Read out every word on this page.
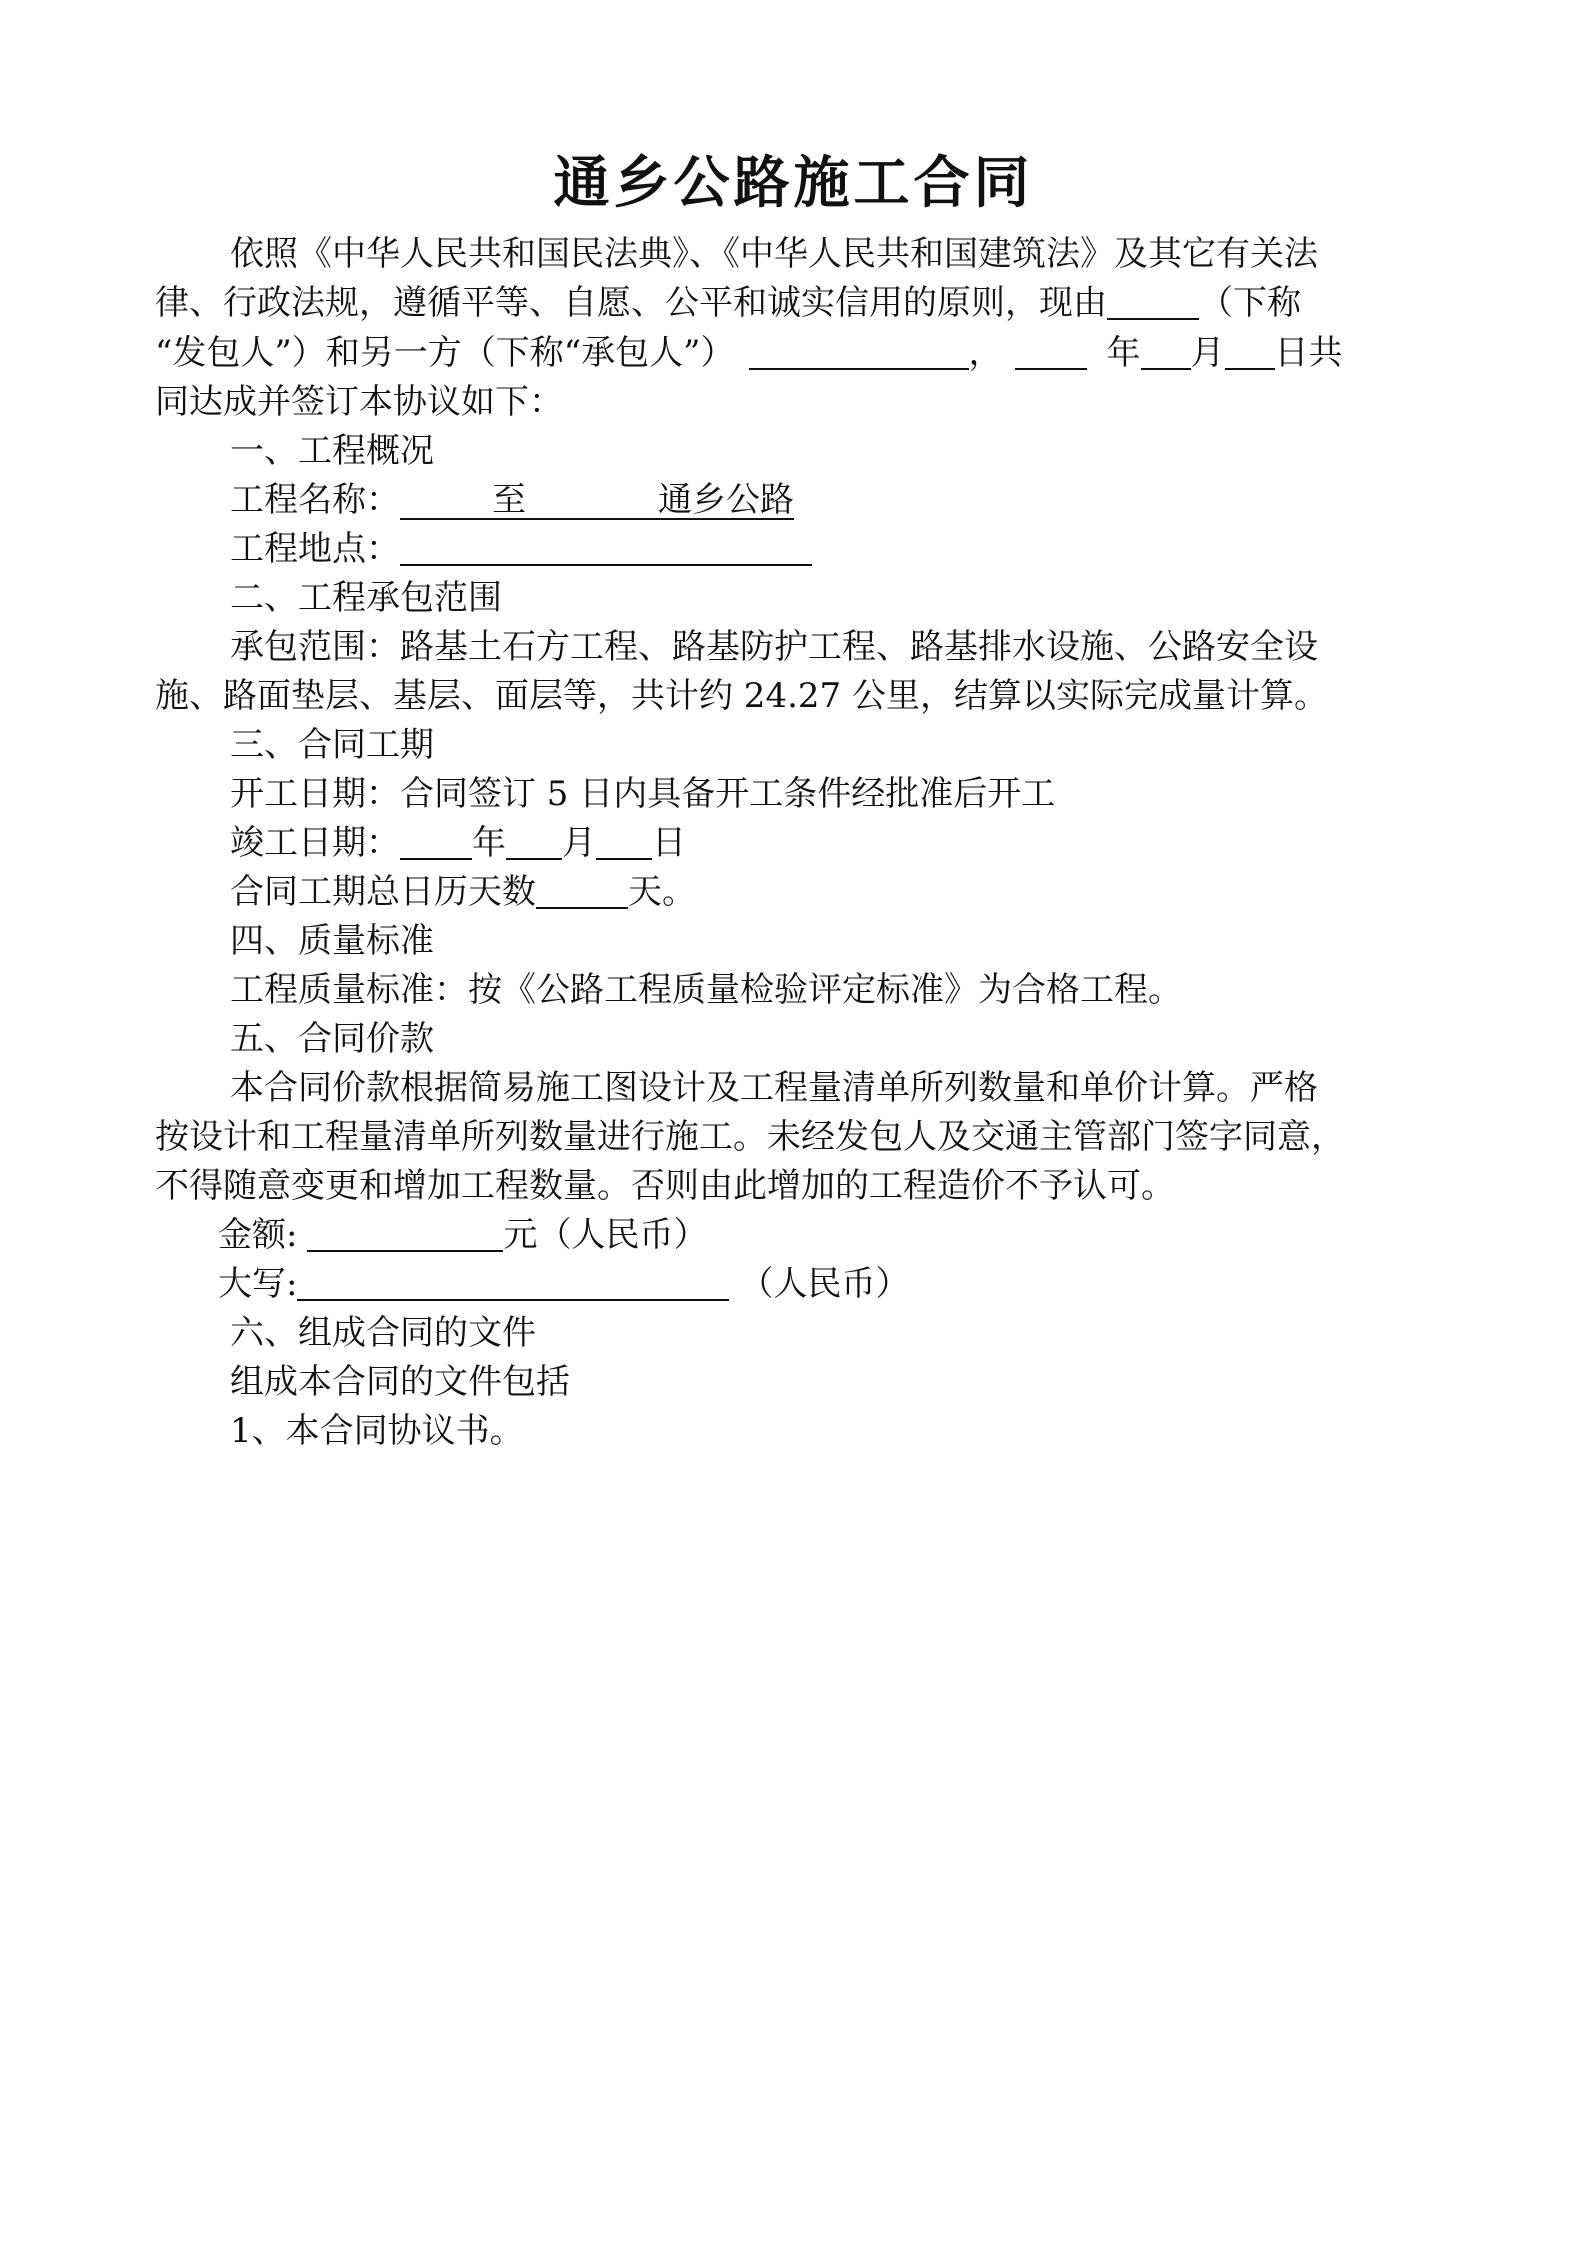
通乡公路施工合同
依照《中华人民共和国民法典》、《中华人民共和国建筑法》及其它有关法
律、行政法规，遵循平等、自愿、公平和诚实信用的原则，现由	（下称
“发包人”）和另一方（下称“承包人”）	，	年 月 日共
同达成并签订本协议如下：
一、工程概况
工程名称：	至	通乡公路
工程地点：
二、工程承包范围
承包范围：路基土石方工程、路基防护工程、路基排水设施、公路安全设
施、路面垫层、基层、面层等，共计约 24.27 公里，结算以实际完成量计算。
三、合同工期
开工日期：合同签订 5 日内具备开工条件经批准后开工
竣工日期： 年 月 日
合同工期总日历天数	天。
四、质量标准
工程质量标准：按《公路工程质量检验评定标准》为合格工程。
五、合同价款
本合同价款根据简易施工图设计及工程量清单所列数量和单价计算。严格
按设计和工程量清单所列数量进行施工。未经发包人及交通主管部门签字同意，
不得随意变更和增加工程数量。否则由此增加的工程造价不予认可。
金额:	元（人民币）
大写:	（人民币）
六、组成合同的文件
组成本合同的文件包括
1、本合同协议书。
